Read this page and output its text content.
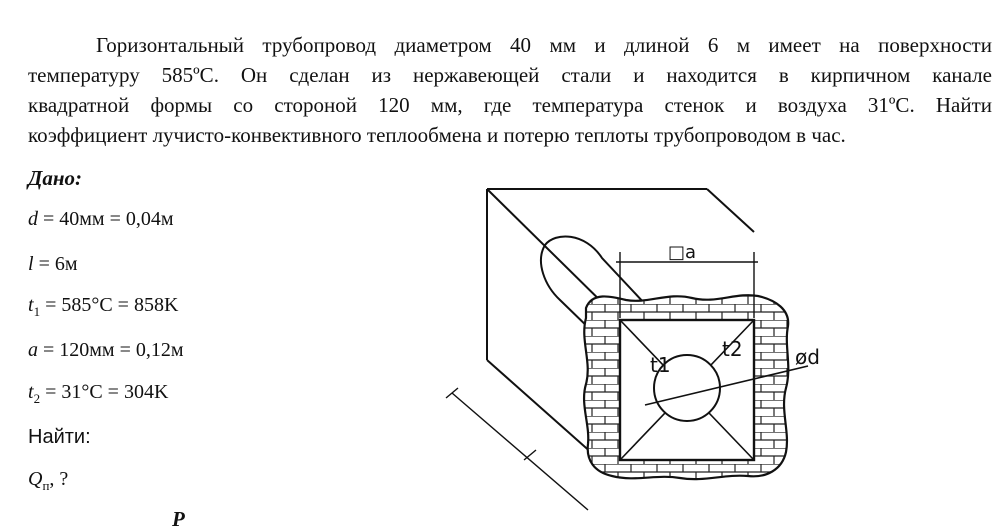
Горизонтальный трубопровод диаметром 40 мм и длиной 6 м имеет на поверхности
температуру 585ºС. Он сделан из нержавеющей стали и находится в кирпичном канале
квадратной формы со стороной 120 мм, где температура стенок и воздуха 31ºС. Найти
коэффициент лучисто-конвективного теплообмена и потерю теплоты трубопроводом в час.
Дано:
d = 40мм = 0,04м
l = 6м
$t_1 = 585^\circ C = 858K$
a = 120мм = 0,12м
$t_2 = 31^\circ C = 304K$
Найти:
$Q_п$, ?
Р
□a
t1
t2	ød
